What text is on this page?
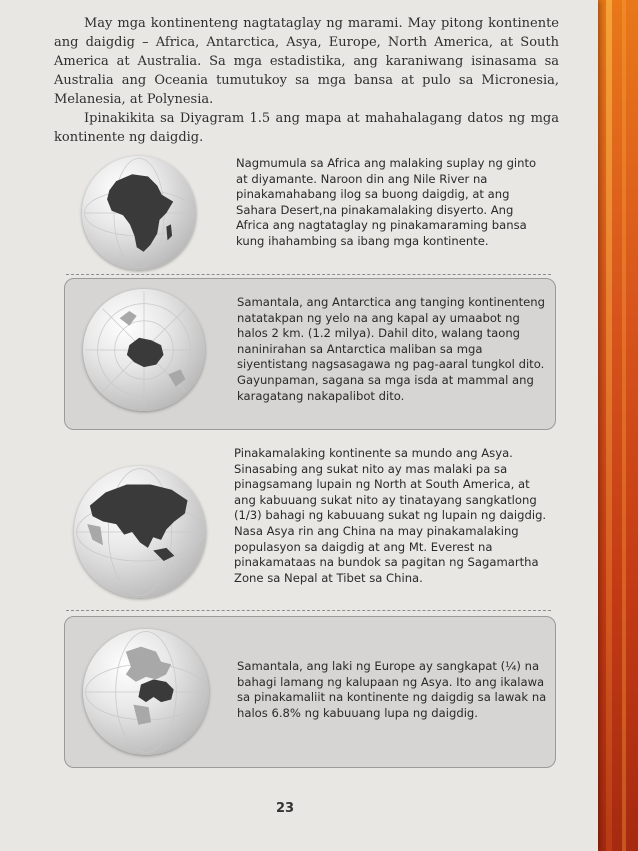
May mga kontinenteng nagtataglay ng marami. May pitong kontinente ang daigdig – Africa, Antarctica, Asya, Europe, North America, at South America at Australia. Sa mga estadistika, ang karaniwang isinasama sa Australia ang Oceania tumutukoy sa mga bansa at pulo sa Micronesia, Melanesia, at Polynesia.

Ipinakikita sa Diyagram 1.5 ang mapa at mahahalagang datos ng mga kontinente ng daigdig.

Nagmumula sa Africa ang malaking suplay ng ginto at diyamante. Naroon din ang Nile River na pinakamahabang ilog sa buong daigdig, at ang Sahara Desert,na pinakamalaking disyerto. Ang Africa ang nagtataglay ng pinakamaraming bansa kung ihahambing sa ibang mga kontinente.
Samantala, ang Antarctica ang tanging kontinenteng natatakpan ng yelo na ang kapal ay umaabot ng halos 2 km. (1.2 milya). Dahil dito, walang taong naninirahan sa Antarctica maliban sa mga siyentistang nagsasagawa ng pag-aaral tungkol dito. Gayunpaman, sagana sa mga isda at mammal ang karagatang nakapalibot dito.
Pinakamalaking kontinente sa mundo ang Asya. Sinasabing ang sukat nito ay mas malaki pa sa pinagsamang lupain ng North at South America, at ang kabuuang sukat nito ay tinatayang sangkatlong (1/3) bahagi ng kabuuang sukat ng lupain ng daigdig. Nasa Asya rin ang China na may pinakamalaking populasyon sa daigdig at ang Mt. Everest na pinakamataas na bundok sa pagitan ng Sagamartha Zone sa Nepal at Tibet sa China.
Samantala, ang laki ng Europe ay sangkapat (¼) na bahagi lamang ng kalupaan ng Asya. Ito ang ikalawa sa pinakamaliit na kontinente ng daigdig sa lawak na halos 6.8% ng kabuuang lupa ng daigdig.
23
